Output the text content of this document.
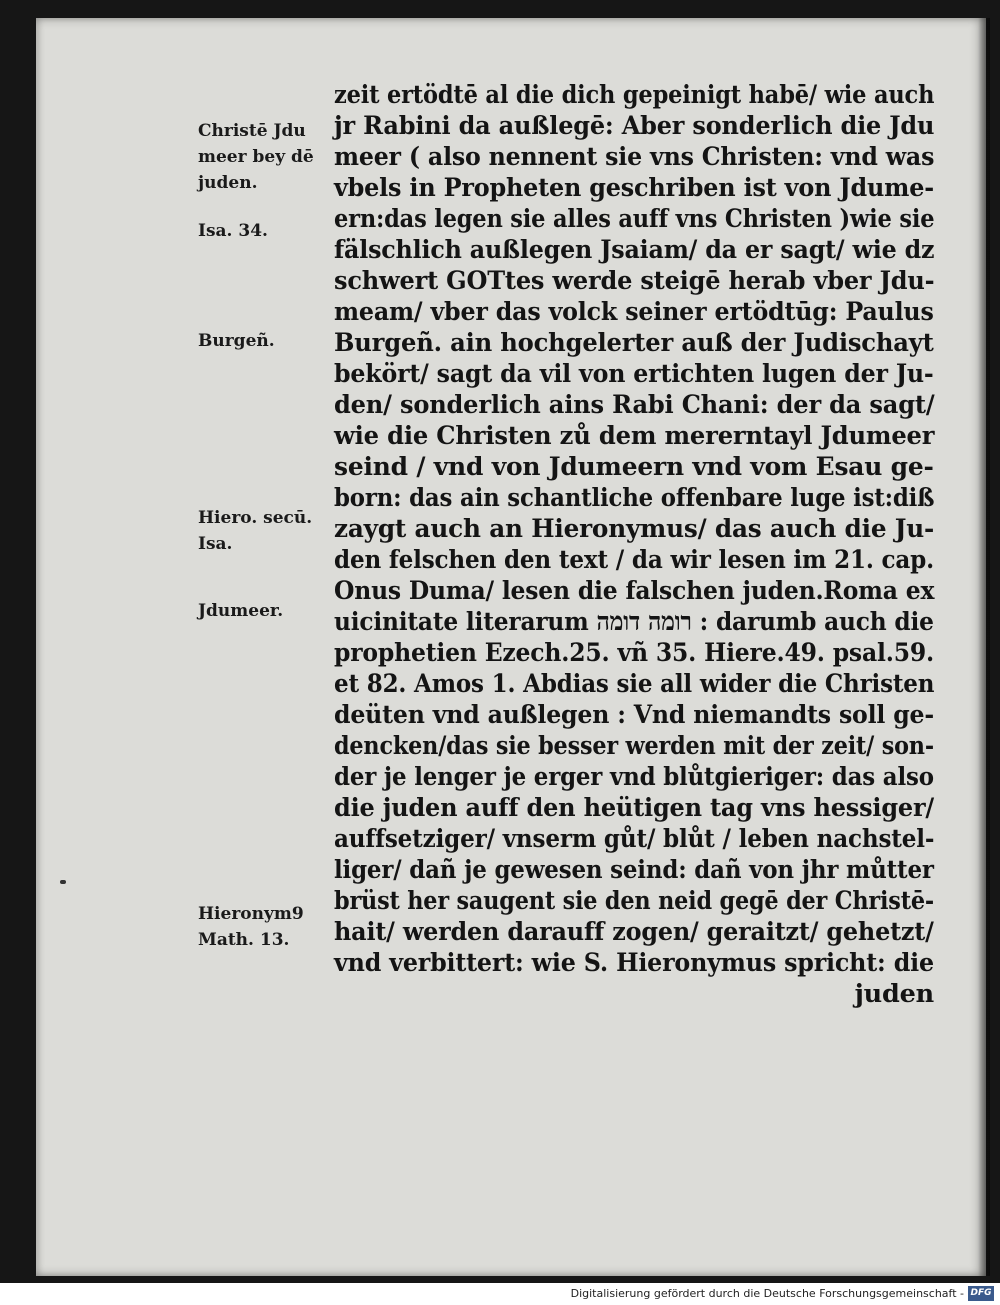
zeit ertödtē al die dich gepeinigt habē/ wie auch
jr Rabini da außlegē: Aber sonderlich die Jdu
meer ( also nennent sie vns Christen: vnd was
vbels in Propheten geschriben ist von Jdume-
ern:das legen sie alles auff vns Christen )wie sie
fälschlich außlegen Jsaiam/ da er sagt/ wie dz
schwert GOTtes werde steigē herab vber Jdu-
meam/ vber das volck seiner ertödtūg: Paulus
Burgeñ. ain hochgelerter auß der Judischayt
bekört/ sagt da vil von ertichten lugen der Ju-
den/ sonderlich ains Rabi Chani: der da sagt/
wie die Christen zů dem mererntayl Jdumeer
seind / vnd von Jdumeern vnd vom Esau ge-
born: das ain schantliche offenbare luge ist:diß
zaygt auch an Hieronymus/ das auch die Ju-
den felschen den text / da wir lesen im 21. cap.
Onus Duma/ lesen die falschen juden.Roma ex
uicinitate literarum רומה דומה : darumb auch die
prophetien Ezech.25. vñ 35. Hiere.49. psal.59.
et 82. Amos 1. Abdias sie all wider die Christen
deüten vnd außlegen : Vnd niemandts soll ge-
dencken/das sie besser werden mit der zeit/ son-
der je lenger je erger vnd blůtgieriger: das also
die juden auff den heütigen tag vns hessiger/
auffsetziger/ vnserm gůt/ blůt / leben nachstel-
liger/ dañ je gewesen seind: dañ von jhr můtter
brüst her saugent sie den neid gegē der Christē-
hait/ werden darauff zogen/ geraitzt/ gehetzt/
vnd verbittert: wie S. Hieronymus spricht: die
juden
Christē Jdu
meer bey dē
juden.
Isa. 34.
Burgeñ.
Hiero. secū.
Isa.
Jdumeer.
Hieronym9
Math. 13.
Digitalisierung gefördert durch die Deutsche Forschungsgemeinschaft - DFG
